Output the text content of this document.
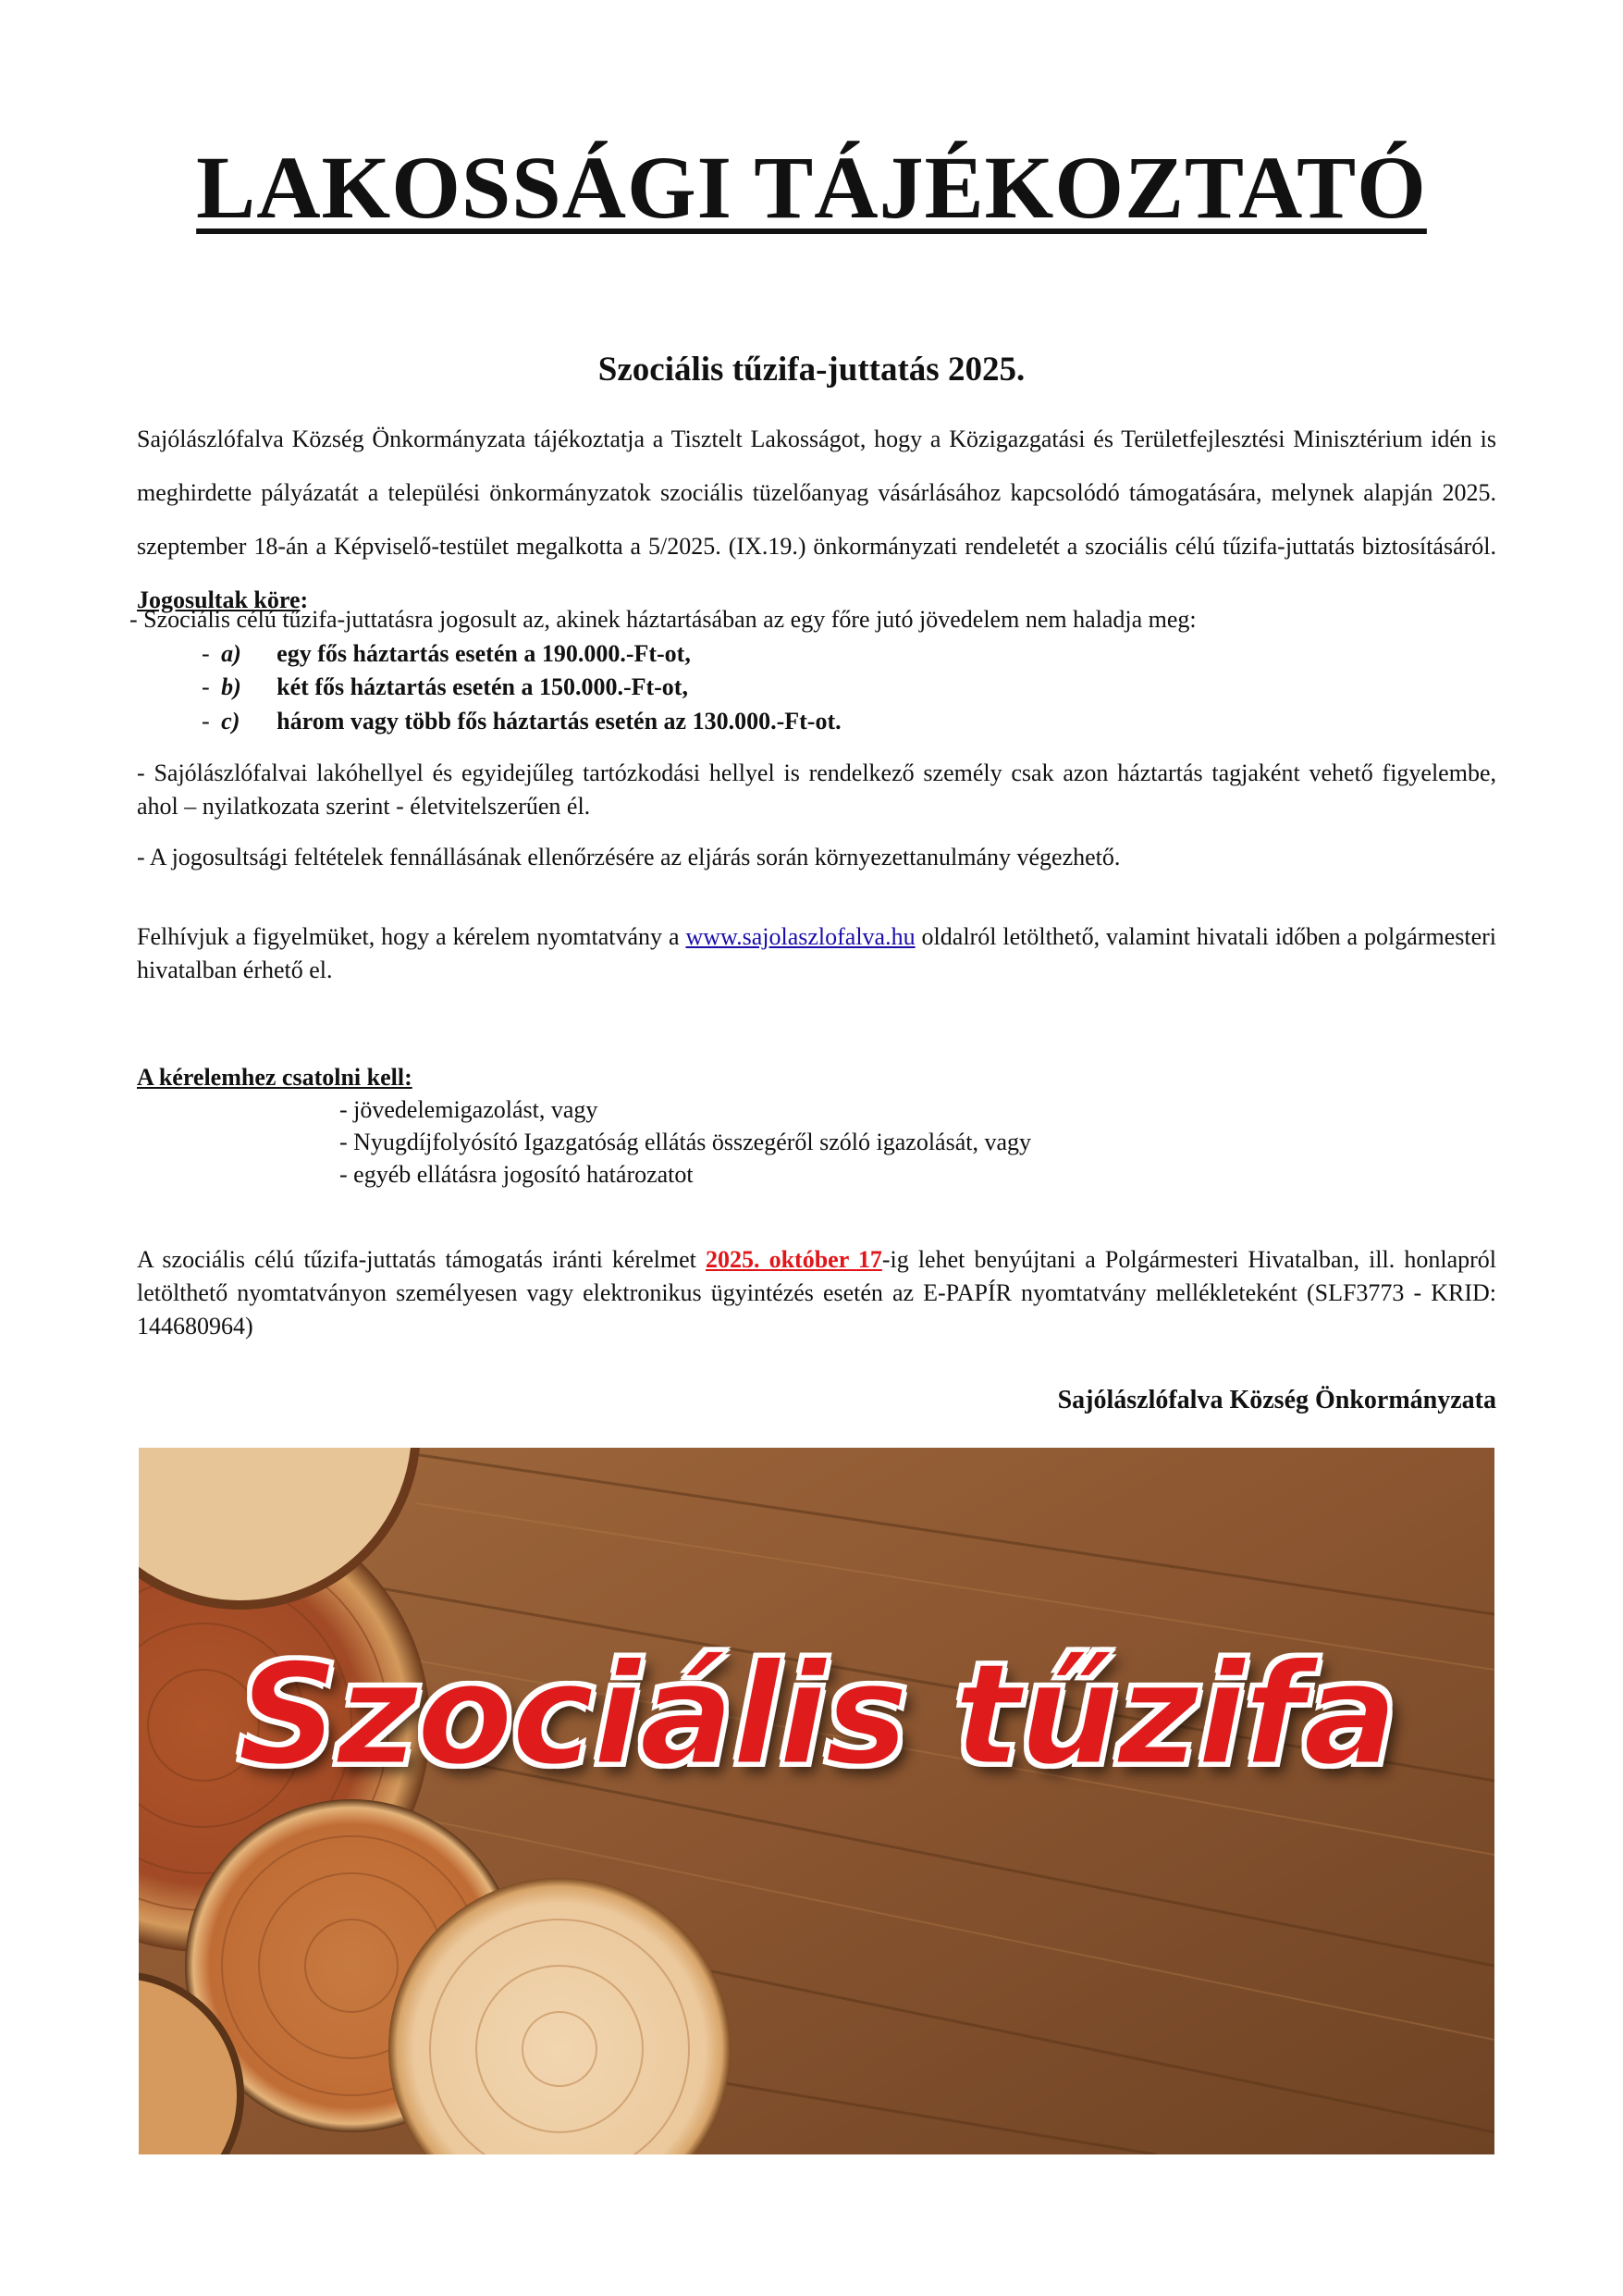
LAKOSSÁGI TÁJÉKOZTATÓ
Szociális tűzifa-juttatás 2025.
Sajólászlófalva Község Önkormányzata tájékoztatja a Tisztelt Lakosságot, hogy a Közigazgatási és Területfejlesztési Minisztérium idén is meghirdette pályázatát a települési önkormányzatok szociális tüzelőanyag vásárlásához kapcsolódó támogatására, melynek alapján 2025. szeptember 18-án a Képviselő-testület megalkotta a 5/2025. (IX.19.) önkormányzati rendeletét a szociális célú tűzifa-juttatás biztosításáról. Jogosultak köre:
- Szociális célú tűzifa-juttatásra jogosult az, akinek háztartásában az egy főre jutó jövedelem nem haladja meg:
- a) egy fős háztartás esetén a 190.000.-Ft-ot,
- b) két fős háztartás esetén a 150.000.-Ft-ot,
- c) három vagy több fős háztartás esetén az 130.000.-Ft-ot.
- Sajólászlófalvai lakóhellyel és egyidejűleg tartózkodási hellyel is rendelkező személy csak azon háztartás tagjaként vehető figyelembe, ahol – nyilatkozata szerint - életvitelszerűen él.
- A jogosultsági feltételek fennállásának ellenőrzésére az eljárás során környezettanulmány végezhető.
Felhívjuk a figyelmüket, hogy a kérelem nyomtatvány a www.sajolaszlofalva.hu oldalról letölthető, valamint hivatali időben a polgármesteri hivatalban érhető el.
A kérelemhez csatolni kell:
- jövedelemigazolást, vagy
- Nyugdíjfolyósító Igazgatóság ellátás összegéről szóló igazolását, vagy
- egyéb ellátásra jogosító határozatot
A szociális célú tűzifa-juttatás támogatás iránti kérelmet 2025. október 17-ig lehet benyújtani a Polgármesteri Hivatalban, ill. honlapról letölthető nyomtatványon személyesen vagy elektronikus ügyintézés esetén az E-PAPÍR nyomtatvány mellékleteként (SLF3773 - KRID: 144680964)
Sajólászlófalva Község Önkormányzata
Szociális tűzifa
